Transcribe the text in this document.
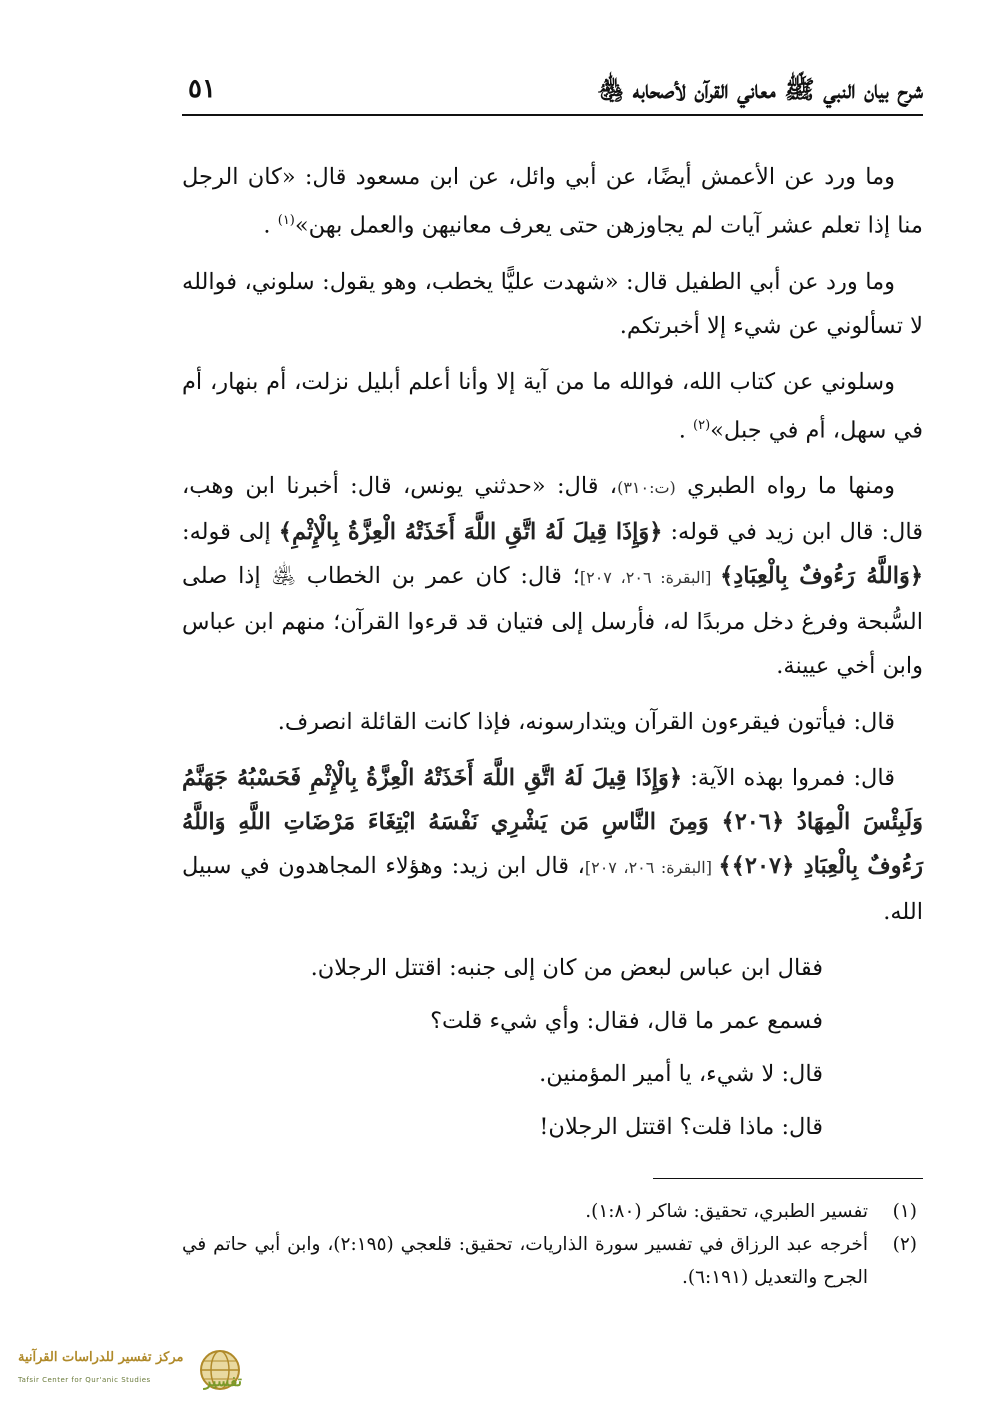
شرح بيان النبي ﷺ معاني القرآن لأصحابه ﵃
٥١

وما ورد عن الأعمش أيضًا، عن أبي وائل، عن ابن مسعود قال: «كان الرجل منا إذا تعلم عشر آيات لم يجاوزهن حتى يعرف معانيهن والعمل بهن»$^{(١)}$ .

وما ورد عن أبي الطفيل قال: «شهدت عليًّا يخطب، وهو يقول: سلوني، فوالله لا تسألوني عن شيء إلا أخبرتكم.

وسلوني عن كتاب الله، فوالله ما من آية إلا وأنا أعلم أبليل نزلت، أم بنهار، أم في سهل، أم في جبل»$^{(٢)}$ .

ومنها ما رواه الطبري (ت:٣١٠)، قال: «حدثني يونس، قال: أخبرنا ابن وهب، قال: قال ابن زيد في قوله: ﴿وَإِذَا قِيلَ لَهُ اتَّقِ اللَّهَ أَخَذَتْهُ الْعِزَّةُ بِالْإِثْمِ﴾ إلى قوله: ﴿وَاللَّهُ رَءُوفٌ بِالْعِبَادِ﴾ [البقرة: ٢٠٦، ٢٠٧]؛ قال: كان عمر بن الخطاب ﵁ إذا صلى السُّبحة وفرغ دخل مربدًا له، فأرسل إلى فتيان قد قرءوا القرآن؛ منهم ابن عباس وابن أخي عيينة.

قال: فيأتون فيقرءون القرآن ويتدارسونه، فإذا كانت القائلة انصرف.

قال: فمروا بهذه الآية: ﴿وَإِذَا قِيلَ لَهُ اتَّقِ اللَّهَ أَخَذَتْهُ الْعِزَّةُ بِالْإِثْمِ فَحَسْبُهُ جَهَنَّمُ وَلَبِئْسَ الْمِهَادُ ﴿٢٠٦﴾ وَمِنَ النَّاسِ مَن يَشْرِي نَفْسَهُ ابْتِغَاءَ مَرْضَاتِ اللَّهِ وَاللَّهُ رَءُوفٌ بِالْعِبَادِ ﴿٢٠٧﴾﴾ [البقرة: ٢٠٦، ٢٠٧]، قال ابن زيد: وهؤلاء المجاهدون في سبيل الله.

فقال ابن عباس لبعض من كان إلى جنبه: اقتتل الرجلان.

فسمع عمر ما قال، فقال: وأي شيء قلت؟

قال: لا شيء، يا أمير المؤمنين.

قال: ماذا قلت؟ اقتتل الرجلان!

(١)
تفسير الطبري، تحقيق: شاكر (١:٨٠).

(٢)
أخرجه عبد الرزاق في تفسير سورة الذاريات، تحقيق: قلعجي (٢:١٩٥)، وابن أبي حاتم في الجرح والتعديل (٦:١٩١).

مركز تفسير للدراسات القرآنية
Tafsir Center for Qur'anic Studies	تفسير
